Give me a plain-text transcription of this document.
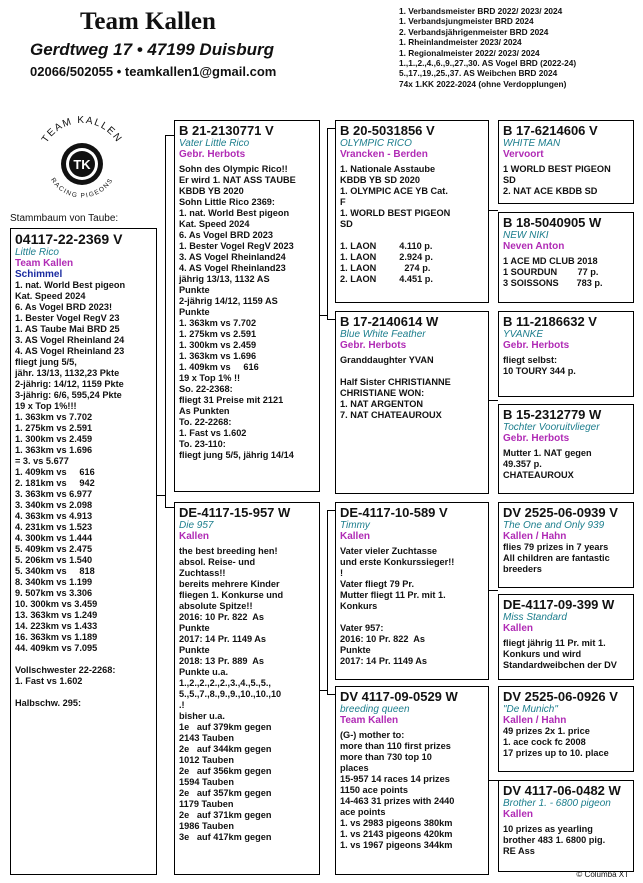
Team Kallen
Gerdtweg 17 • 47199 Duisburg
02066/502055 • teamkallen1@gmail.com
1. Verbandsmeister BRD 2022/ 2023/ 2024
1. Verbandsjungmeister BRD 2024
2. Verbandsjährigenmeister BRD 2024
1. Rheinlandmeister 2023/ 2024
1. Regionalmeister 2022/ 2023/ 2024
1.,1.,2.,4.,6.,9.,27.,30. AS Vogel BRD (2022-24)
5.,17.,19.,25.,37. AS Weibchen BRD 2024
74x 1.KK 2022-2024 (ohne Verdopplungen)
TEAM KALLEN
TK
RACING PIGEONS
Stammbaum von Taube:
04117-22-2369 V
Little Rico
Team Kallen
Schimmel
1. nat. World Best pigeon
Kat. Speed 2024
6. As Vogel BRD 2023!
1. Bester Vogel RegV 23
1. AS Taube Mai BRD 25
3. AS Vogel Rheinland 24
4. AS Vogel Rheinland 23
fliegt jung 5/5,
jähr. 13/13, 1132,23 Pkte
2-jährig: 14/12, 1159 Pkte
3-jährig: 6/6, 595,24 Pkte
19 x Top 1%!!!
1. 363km vs 7.702
1. 275km vs 2.591
1. 300km vs 2.459
1. 363km vs 1.696
= 3. vs 5.677
1. 409km vs     616
2. 181km vs     942
3. 363km vs 6.977
3. 340km vs 2.098
4. 363km vs 4.913
4. 231km vs 1.523
4. 300km vs 1.444
5. 409km vs 2.475
5. 206km vs 1.540
5. 340km vs     818
8. 340km vs 1.199
9. 507km vs 3.306
10. 300km vs 3.459
13. 363km vs 1.249
14. 223km vs 1.433
16. 363km vs 1.189
44. 409km vs 7.095

Vollschwester 22-2268:
1. Fast vs 1.602

Halbschw. 295:
B 21-2130771 V
Vater Little Rico
Gebr. Herbots
Sohn des Olympic Rico!!
Er wird 1. NAT ASS TAUBE
KBDB YB 2020
Sohn Little Rico 2369:
1. nat. World Best pigeon
Kat. Speed 2024
6. As Vogel BRD 2023
1. Bester Vogel RegV 2023
3. AS Vogel Rheinland24
4. AS Vogel Rheinland23
jährig 13/13, 1132 AS
Punkte
2-jährig 14/12, 1159 AS
Punkte
1. 363km vs 7.702
1. 275km vs 2.591
1. 300km vs 2.459
1. 363km vs 1.696
1. 409km vs     616
19 x Top 1% !!
So. 22-2368:
fliegt 31 Preise mit 2121
As Punkten
To. 22-2268:
1. Fast vs 1.602
To. 23-110:
fliegt jung 5/5, jährig 14/14
DE-4117-15-957 W
Die 957
Kallen
the best breeding hen!
absol. Reise- und
Zuchtass!!
bereits mehrere Kinder
fliegen 1. Konkurse und
absolute Spitze!!
2016: 10 Pr. 822  As
Punkte
2017: 14 Pr. 1149 As
Punkte
2018: 13 Pr. 889  As
Punkte u.a.
1.,2.,2.,2.,2.,3.,4.,5.,5.,
5.,5.,7.,8.,9.,9.,10.,10.,10
.!
bisher u.a.
1e   auf 379km gegen
2143 Tauben
2e   auf 344km gegen
1012 Tauben
2e   auf 356km gegen
1594 Tauben
2e   auf 357km gegen
1179 Tauben
2e   auf 371km gegen
1986 Tauben
3e   auf 417km gegen
B 20-5031856 V
OLYMPIC RICO
Vrancken - Berden
1. Nationale Asstaube
KBDB YB SD 2020
1. OLYMPIC ACE YB Cat.
F
1. WORLD BEST PIGEON
SD

1. LAON         4.110 p.
1. LAON         2.924 p.
1. LAON           274 p.
2. LAON         4.451 p.
B 17-2140614 W
Blue White Feather
Gebr. Herbots
Granddaughter YVAN

Half Sister CHRISTIANNE
CHRISTIANE WON:
1. NAT ARGENTON
7. NAT CHATEAUROUX
DE-4117-10-589 V
Timmy
Kallen
Vater vieler Zuchtasse
und erste Konkurssieger!!
!
Vater fliegt 79 Pr.
Mutter fliegt 11 Pr. mit 1.
Konkurs

Vater 957:
2016: 10 Pr. 822  As
Punkte
2017: 14 Pr. 1149 As
DV 4117-09-0529 W
breeding queen
Team Kallen
(G-) mother to:
more than 110 first prizes
more than 730 top 10
places
15-957 14 races 14 prizes
1150 ace points
14-463 31 prizes with 2440
ace points
1. vs 2983 pigeons 380km
1. vs 2143 pigeons 420km
1. vs 1967 pigeons 344km
B 17-6214606 V
WHITE MAN
Vervoort
1 WORLD BEST PIGEON
SD
2. NAT ACE KBDB SD
B 18-5040905 W
NEW NIKI
Neven Anton
1 ACE MD CLUB 2018
1 SOURDUN        77 p.
3 SOISSONS       783 p.
B 11-2186632 V
YVANKE
Gebr. Herbots
fliegt selbst:
10 TOURY 344 p.
B 15-2312779 W
Tochter Vooruitvlieger
Gebr. Herbots
Mutter 1. NAT gegen
49.357 p.
CHATEAUROUX
DV 2525-06-0939 V
The One and Only 939
Kallen / Hahn
flies 79 prizes in 7 years
All children are fantastic
breeders
DE-4117-09-399 W
Miss Standard
Kallen
fliegt jährig 11 Pr. mit 1.
Konkurs und wird
Standardweibchen der DV
DV 2525-06-0926 V
"De Munich"
Kallen / Hahn
49 prizes 2x 1. price
1. ace cock fc 2008
17 prizes up to 10. place
DV 4117-06-0482 W
Brother 1. - 6800 pigeon
Kallen
10 prizes as yearling
brother 483 1. 6800 pig.
RE Ass
© Columba XT
